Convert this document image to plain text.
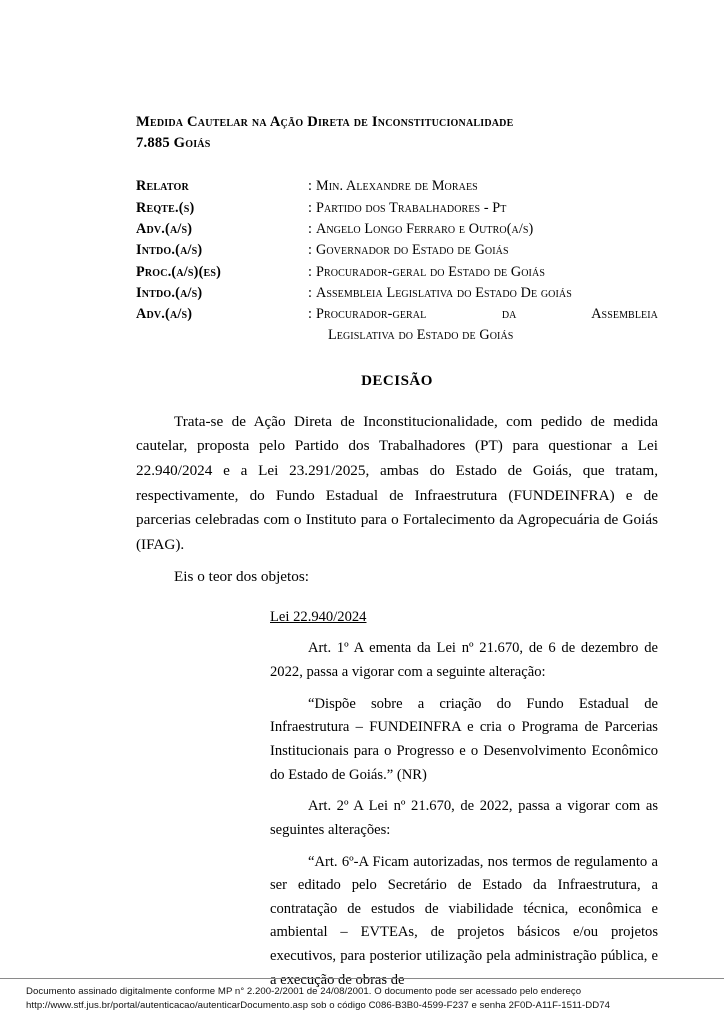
Medida Cautelar na Ação Direta de Inconstitucionalidade
7.885 Goiás
Relator	: Min. Alexandre de Moraes
Reqte.(s)	: Partido dos Trabalhadores - Pt
Adv.(a/s)	: Angelo Longo Ferraro e Outro(a/s)
Intdo.(a/s)	: Governador do Estado de Goiás
Proc.(a/s)(es)	: Procurador-geral do Estado de Goiás
Intdo.(a/s)	: Assembleia Legislativa do Estado De goiás
Adv.(a/s)	: Procurador-geral da Assembleia
Legislativa do Estado de Goiás
DECISÃO

Trata-se de Ação Direta de Inconstitucionalidade, com pedido de medida cautelar, proposta pelo Partido dos Trabalhadores (PT) para questionar a Lei 22.940/2024 e a Lei 23.291/2025, ambas do Estado de Goiás, que tratam, respectivamente, do Fundo Estadual de Infraestrutura (FUNDEINFRA) e de parcerias celebradas com o Instituto para o Fortalecimento da Agropecuária de Goiás (IFAG).

Eis o teor dos objetos:

Lei 22.940/2024

Art. 1º A ementa da Lei nº 21.670, de 6 de dezembro de 2022, passa a vigorar com a seguinte alteração:

“Dispõe sobre a criação do Fundo Estadual de Infraestrutura – FUNDEINFRA e cria o Programa de Parcerias Institucionais para o Progresso e o Desenvolvimento Econômico do Estado de Goiás.” (NR)

Art. 2º A Lei nº 21.670, de 2022, passa a vigorar com as seguintes alterações:

“Art. 6º-A Ficam autorizadas, nos termos de regulamento a ser editado pelo Secretário de Estado da Infraestrutura, a contratação de estudos de viabilidade técnica, econômica e ambiental – EVTEAs, de projetos básicos e/ou projetos executivos, para posterior utilização pela administração pública, e a execução de obras de

Documento assinado digitalmente conforme MP n° 2.200-2/2001 de 24/08/2001. O documento pode ser acessado pelo endereço
http://www.stf.jus.br/portal/autenticacao/autenticarDocumento.asp sob o código C086-B3B0-4599-F237 e senha 2F0D-A11F-1511-DD74
